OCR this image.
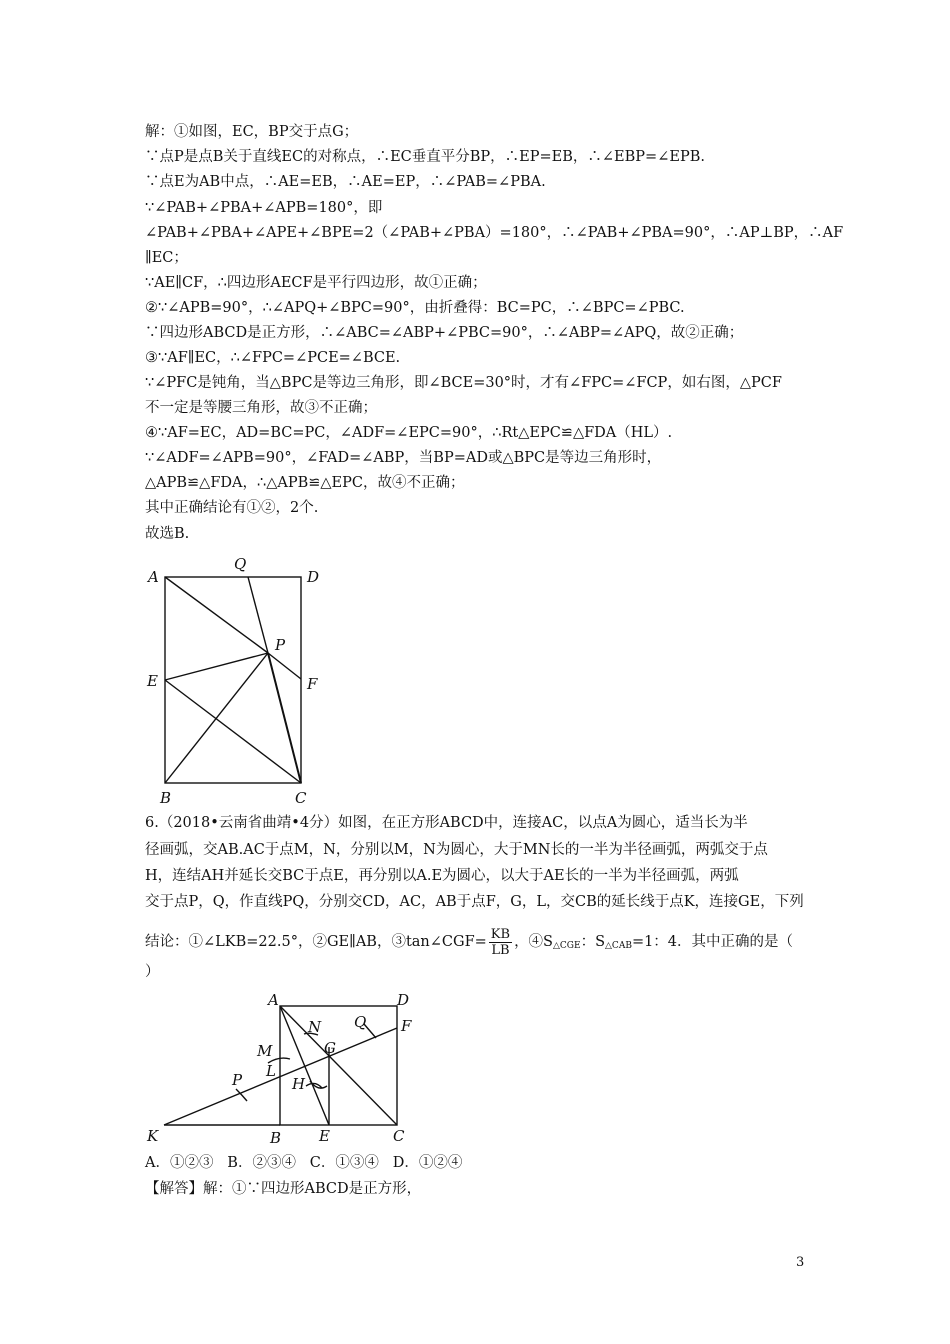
解：①如图，EC，BP交于点G；
∵点P是点B关于直线EC的对称点，∴EC垂直平分BP，∴EP=EB，∴∠EBP=∠EPB.
∵点E为AB中点，∴AE=EB，∴AE=EP，∴∠PAB=∠PBA.
∵∠PAB+∠PBA+∠APB=180°，即
∠PAB+∠PBA+∠APE+∠BPE=2（∠PAB+∠PBA）=180°，∴∠PAB+∠PBA=90°，∴AP⊥BP，∴AF
∥EC；
∵AE∥CF，∴四边形AECF是平行四边形，故①正确；
②∵∠APB=90°，∴∠APQ+∠BPC=90°，由折叠得：BC=PC，∴∠BPC=∠PBC.
∵四边形ABCD是正方形，∴∠ABC=∠ABP+∠PBC=90°，∴∠ABP=∠APQ，故②正确；
③∵AF∥EC，∴∠FPC=∠PCE=∠BCE.
∵∠PFC是钝角，当△BPC是等边三角形，即∠BCE=30°时，才有∠FPC=∠FCP，如右图，△PCF
不一定是等腰三角形，故③不正确；
④∵AF=EC，AD=BC=PC，∠ADF=∠EPC=90°，∴Rt△EPC≌△FDA（HL）.
∵∠ADF=∠APB=90°，∠FAD=∠ABP，当BP=AD或△BPC是等边三角形时，
△APB≌△FDA，∴△APB≌△EPC，故④不正确；
其中正确结论有①②，2个.
故选B.
A
Q
D
P
E	F
B	C
6.（2018•云南省曲靖•4分）如图，在正方形ABCD中，连接AC，以点A为圆心，适当长为半
径画弧，交AB.AC于点M，N，分别以M，N为圆心，大于MN长的一半为半径画弧，两弧交于点
H，连结AH并延长交BC于点E，再分别以A.E为圆心，以大于AE长的一半为半径画弧，两弧
交于点P，Q，作直线PQ，分别交CD，AC，AB于点F，G，L，交CB的延长线于点K，连接GE，下列
结论：①∠LKB=22.5°，②GE∥AB，③tan∠CGF= $\frac{KB}{LB}$ ，$④S_{\triangle CGE}$：$S_{\triangle CAB}=1$：4．其中正确的是（
）
A	D
F
N Q
G
M
L
P	H
K	B	E	C
A．①②③   B．②③④   C．①③④   D．①②④
【解答】解：①∵四边形ABCD是正方形，
3
